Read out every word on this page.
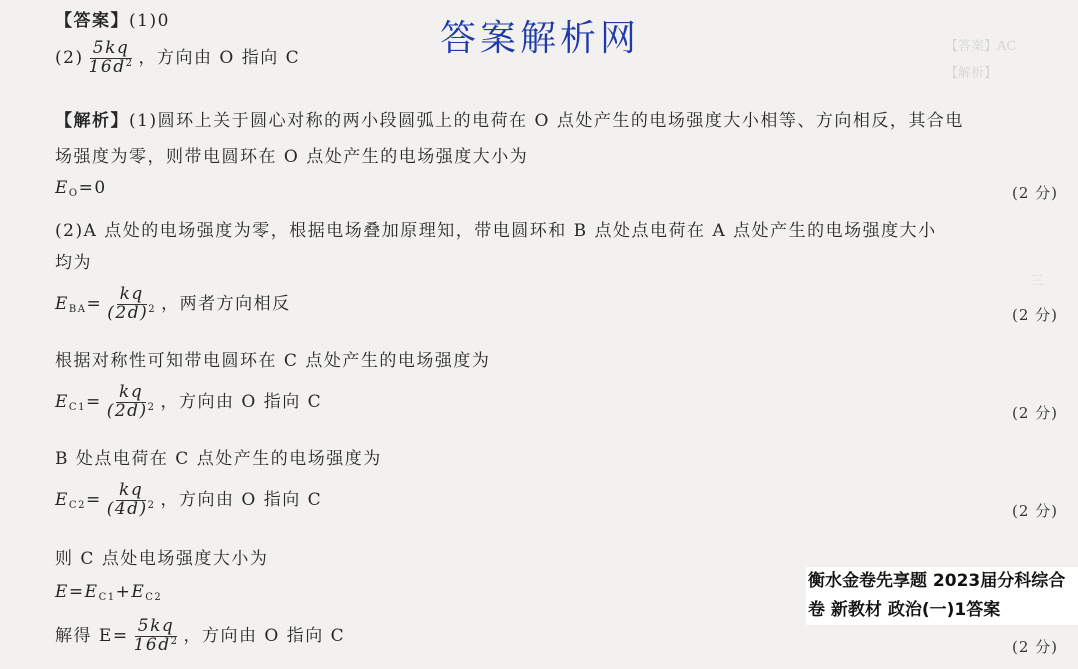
【答案】AC
【解析】
三
答案解析网
【答案】(1)0
$(2) \frac{5kq}{16d^2}$ ，方向由 O 指向 C
【解析】(1)圆环上关于圆心对称的两小段圆弧上的电荷在 O 点处产生的电场强度大小相等、方向相反，其合电
场强度为零，则带电圆环在 O 点处产生的电场强度大小为
$E_O=0$	(2 分)
(2)A 点处的电场强度为零，根据电场叠加原理知，带电圆环和 B 点处点电荷在 A 点处产生的电场强度大小
均为
$E_{BA}= \frac{kq}{(2d)^2}$ ，两者方向相反
(2 分)
根据对称性可知带电圆环在 C 点处产生的电场强度为
$E_{C1}= \frac{kq}{(2d)^2}$ ，方向由 O 指向 C
(2 分)
B 处点电荷在 C 点处产生的电场强度为
$E_{C2}= \frac{kq}{(4d)^2}$ ，方向由 O 指向 C
(2 分)
则 C 点处电场强度大小为
$E=E_{C1}+E_{C2}$
解得 $E= \frac{5kq}{16d^2}$ ，方向由 O 指向 C
(2 分)
衡水金卷先享题 2023届分科综合卷 新教材 政治(一)1答案
